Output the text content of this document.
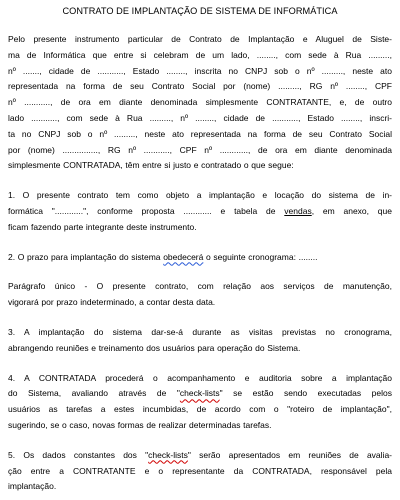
CONTRATO DE IMPLANTAÇÃO DE SISTEMA DE INFORMÁTICA
Pelo presente instrumento particular de Contrato de Implantação e Aluguel de Siste-
ma de Informática que entre si celebram de um lado, ........, com sede à Rua .........,
nº ......., cidade de ..........., Estado ........, inscrita no CNPJ sob o nº ........., neste ato
representada na forma de seu Contrato Social por (nome) ........., RG nº ........, CPF
nº ..........., de ora em diante denominada simplesmente CONTRATANTE, e, de outro
lado ..........., com sede à Rua ........., nº ........, cidade de ..........., Estado ........, inscri-
ta no CNPJ sob o nº ........., neste ato representada na forma de seu Contrato Social
por (nome) ..............., RG nº ..........., CPF nº ............, de ora em diante denominada
simplesmente CONTRATADA, têm entre si justo e contratado o que segue:
1. O presente contrato tem como objeto a implantação e locação do sistema de in-
formática "............", conforme proposta ............ e tabela de vendas, em anexo, que
ficam fazendo parte integrante deste instrumento.
2. O prazo para implantação do sistema obedecerá o seguinte cronograma: ........
Parágrafo único - O presente contrato, com relação aos serviços de manutenção,
vigorará por prazo indeterminado, a contar desta data.
3. A implantação do sistema dar-se-á durante as visitas previstas no cronograma,
abrangendo reuniões e treinamento dos usuários para operação do Sistema.
4. A CONTRATADA procederá o acompanhamento e auditoria sobre a implantação
do Sistema, avaliando através de "check-lists" se estão sendo executadas pelos
usuários as tarefas a estes incumbidas, de acordo com o "roteiro de implantação",
sugerindo, se o caso, novas formas de realizar determinadas tarefas.
5. Os dados constantes dos "check-lists" serão apresentados em reuniões de avalia-
ção entre a CONTRATANTE e o representante da CONTRATADA, responsável pela
implantação.
